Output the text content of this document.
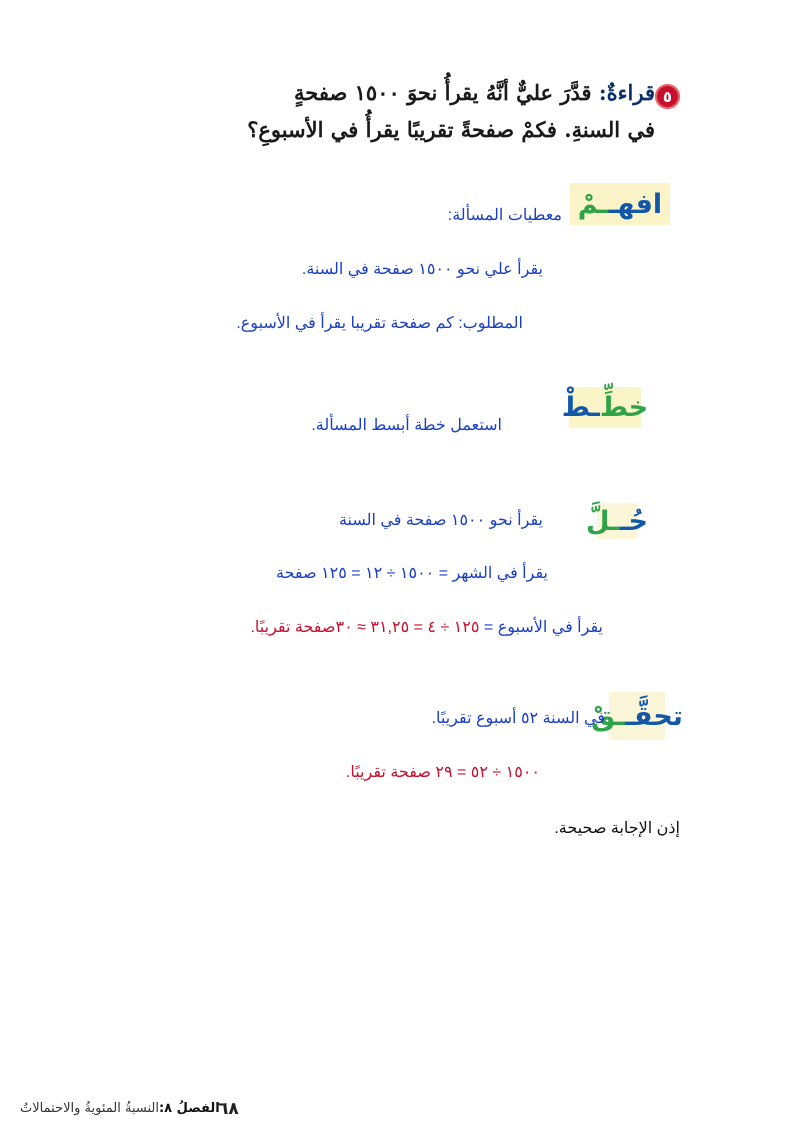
٥
قراءةٌ: قدَّرَ عليٌّ أنَّهُ يقرأُ نحوَ ١٥٠٠ صفحةٍ
في السنةِ. فكمْ صفحةً تقريبًا يقرأُ في الأسبوعِ؟
افهـ
ـمْ
معطيات المسألة:
يقرأ علي نحو ١٥٠٠ صفحة في السنة.
المطلوب: كم صفحة تقريبا يقرأ في الأسبوع.
خطِّ
ـطْ
استعمل خطة أبسط المسألة.
حُـ
ـلَّ
يقرأ نحو ١٥٠٠ صفحة في السنة
يقرأ في الشهر = ١٥٠٠ ÷ ١٢ = ١٢٥ صفحة
يقرأ في الأسبوع = ١٢٥ ÷ ٤ = ٣١,٢٥ ≈ ٣٠صفحة تقريبًا.
تحقَّـ
ـقْ
في السنة ٥٢ أسبوع تقريبًا.
١٥٠٠ ÷ ٥٢ = ٢٩ صفحة تقريبًا.
إذن الإجابة صحيحة.
الفصلُ ٨:النسبةُ المئويةُ والاحتمالاتُ	٦٨
